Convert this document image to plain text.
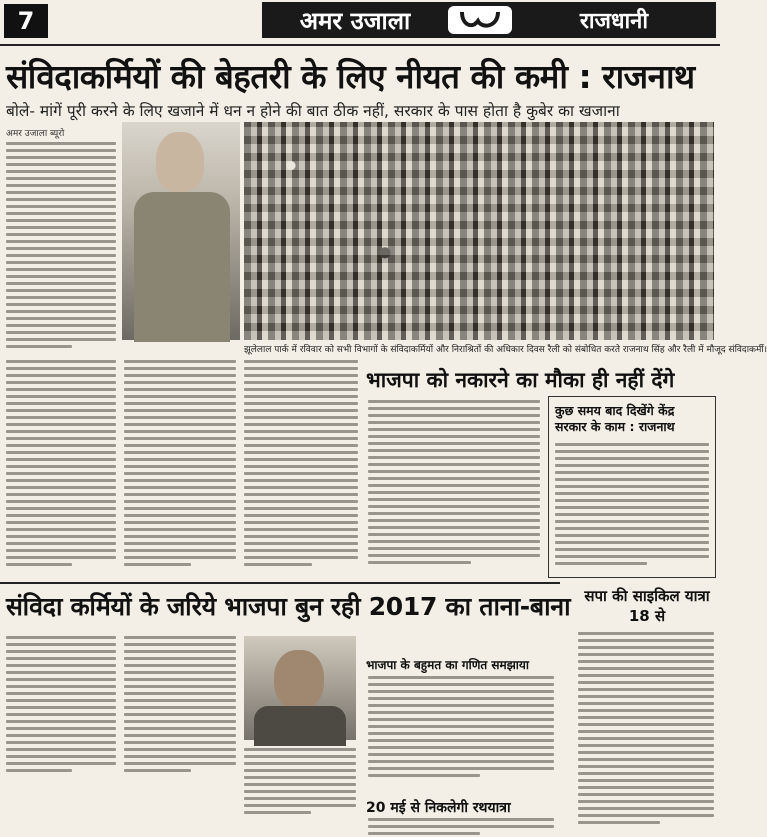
7	अमर उजाला	राजधानी
संविदाकर्मियों की बेहतरी के लिए नीयत की कमी : राजनाथ
बोले- मांगें पूरी करने के लिए खजाने में धन न होने की बात ठीक नहीं, सरकार के पास होता है कुबेर का खजाना
अमर उजाला ब्यूरो
झूलेलाल पार्क में रविवार को सभी विभागों के संविदाकर्मियों और निराश्रितों की अधिकार दिवस रैली को संबोधित करते राजनाथ सिंह और रैली में मौजूद संविदाकर्मी।
भाजपा को नकारने का मौका ही नहीं देंगे
कुछ समय बाद दिखेंगे केंद्र सरकार के काम : राजनाथ
संविदा कर्मियों के जरिये भाजपा बुन रही 2017 का ताना-बाना सपा की साइकिल यात्रा 18 से
भाजपा के बहुमत का गणित समझाया
20 मई से निकलेगी रथयात्रा
